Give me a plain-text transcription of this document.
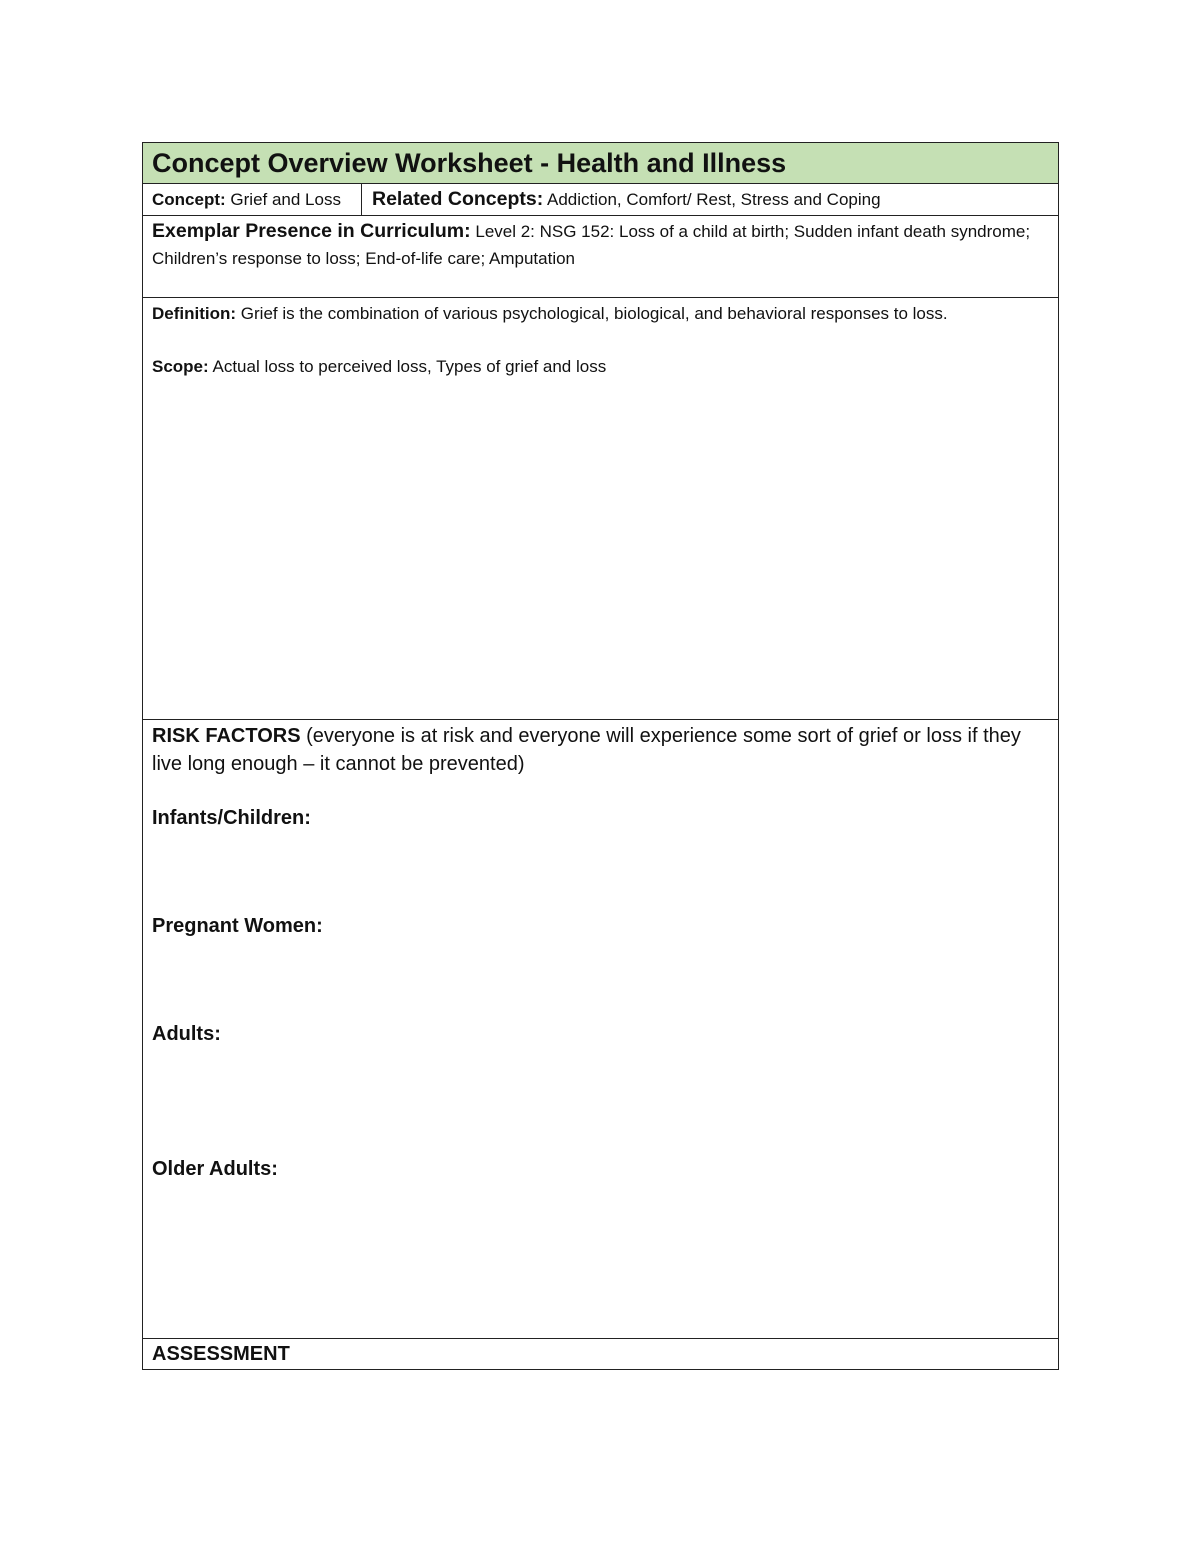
Concept Overview Worksheet - Health and Illness
Concept: Grief and Loss	Related Concepts: Addiction, Comfort/ Rest, Stress and Coping
Exemplar Presence in Curriculum: Level 2: NSG 152: Loss of a child at birth; Sudden infant death syndrome; Children’s response to loss; End-of-life care; Amputation

Definition: Grief is the combination of various psychological, biological, and behavioral responses to loss.
Scope: Actual loss to perceived loss, Types of grief and loss

RISK FACTORS (everyone is at risk and everyone will experience some sort of grief or loss if they live long enough – it cannot be prevented)
Infants/Children:
Pregnant Women:
Adults:
Older Adults:

ASSESSMENT
